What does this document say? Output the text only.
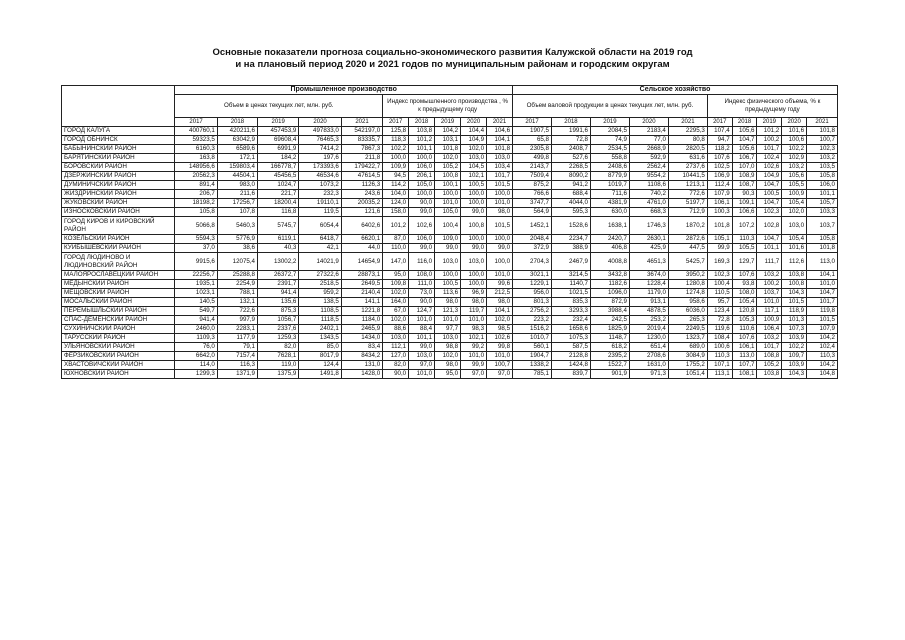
Основные показатели прогноза социально-экономического развития Калужской области на 2019 год
и на плановый период 2020 и 2021 годов по муниципальным районам и городским округам
	Промышленное производство										Сельское хозяйство									
	Объем в ценах текущих лет, млн. руб.					Индекс промышленного производства , % к предыдущему году					Объем валовой продукции в ценах текущих лет, млн. руб.					Индекс физического объема, % к предыдущему году				
	2017	2018	2019	2020	2021	2017	2018	2019	2020	2021	2017	2018	2019	2020	2021	2017	2018	2019	2020	2021
ГОРОД КАЛУГА	400760,1	420211,6	457453,9	497833,0	542197,0	125,8	103,8	104,2	104,4	104,6	1907,5	1991,6	2084,5	2183,4	2295,3	107,4	105,6	101,2	101,6	101,8
ГОРОД ОБНИНСК	59323,5	63042,9	69608,4	76465,3	83335,7	118,3	101,2	103,1	104,9	104,1	65,8	72,8	74,9	77,0	80,8	94,7	104,7	100,2	100,6	100,7
БАБЫНИНСКИЙ РАЙОН	6160,3	6589,6	6991,9	7414,2	7867,3	102,2	101,1	101,8	102,0	101,8	2305,8	2408,7	2534,5	2668,9	2820,5	118,2	105,6	101,7	102,2	102,3
БАРЯТИНСКИЙ РАЙОН	163,8	172,1	184,2	197,6	211,8	100,0	100,0	102,0	103,0	103,0	499,8	527,6	558,8	592,9	631,6	107,6	106,7	102,4	102,9	103,2
БОРОВСКИЙ РАЙОН	148956,6	159803,4	166778,7	173393,6	179422,7	109,9	106,0	105,2	104,5	103,4	2143,7	2268,5	2408,6	2562,4	2737,6	102,5	107,0	102,6	103,2	103,5
ДЗЕРЖИНСКИЙ РАЙОН	20562,3	44504,1	45456,5	46534,6	47614,5	94,5	206,1	100,8	102,1	101,7	7509,4	8090,2	8779,9	9554,2	10441,5	106,9	108,9	104,9	105,6	105,8
ДУМИНИЧСКИЙ РАЙОН	891,4	983,0	1024,7	1073,2	1126,3	114,2	105,0	100,1	100,5	101,5	875,2	941,2	1019,7	1108,6	1213,1	112,4	108,7	104,7	105,5	106,0
ЖИЗДРИНСКИЙ РАЙОН	206,7	211,6	221,7	232,3	243,6	104,0	100,0	100,0	100,0	100,0	766,6	688,4	711,6	740,2	772,6	107,9	90,3	100,5	100,9	101,1
ЖУКОВСКИЙ РАЙОН	18198,2	17256,7	18200,4	19110,1	20035,2	124,0	90,0	101,0	100,0	101,0	3747,7	4044,0	4381,9	4761,0	5197,7	106,1	109,1	104,7	105,4	105,7
ИЗНОСКОВСКИЙ РАЙОН	105,8	107,8	116,8	119,5	121,6	158,0	99,0	105,0	99,0	98,0	564,9	595,3	630,0	668,3	712,9	100,3	106,6	102,3	102,0	103,3
ГОРОД КИРОВ И КИРОВСКИЙ РАЙОН	5066,8	5460,3	5745,7	6054,4	6402,6	101,2	102,6	100,4	100,8	101,5	1452,1	1528,6	1638,1	1746,3	1870,2	101,8	107,2	102,8	103,0	103,7
КОЗЕЛЬСКИЙ РАЙОН	5594,3	5776,9	6119,1	6418,7	6620,1	87,0	106,0	109,0	100,0	100,0	2048,4	2234,7	2420,7	2630,1	2872,6	105,1	110,3	104,7	105,4	105,8
КУЙБЫШЕВСКИЙ РАЙОН	37,0	38,6	40,3	42,1	44,0	110,0	99,0	99,0	99,0	99,0	372,9	388,9	406,8	425,9	447,5	99,9	105,5	101,1	101,6	101,8
ГОРОД ЛЮДИНОВО И ЛЮДИНОВСКИЙ РАЙОН	9915,6	12075,4	13002,2	14021,9	14654,9	147,0	116,0	103,0	103,0	100,0	2704,3	2467,9	4008,8	4651,3	5425,7	169,3	129,7	111,7	112,6	113,0
МАЛОЯРОСЛАВЕЦКИЙ РАЙОН	22256,7	25288,8	26372,7	27322,6	28873,1	95,0	108,0	100,0	100,0	101,0	3021,1	3214,5	3432,8	3674,0	3950,2	102,3	107,6	103,2	103,8	104,1
МЕДЫНСКИЙ РАЙОН	1935,1	2254,9	2391,7	2518,5	2649,5	109,8	111,0	100,5	100,0	99,6	1229,1	1140,7	1182,6	1228,4	1280,8	100,4	93,8	100,2	100,8	101,0
МЕЩОВСКИЙ РАЙОН	1023,1	788,1	941,4	959,2	2140,4	102,0	73,0	113,6	96,9	212,5	956,0	1021,5	1096,0	1179,0	1274,8	110,5	108,0	103,7	104,3	104,7
МОСАЛЬСКИЙ РАЙОН	140,5	132,1	135,6	138,5	141,1	164,0	90,0	98,0	98,0	98,0	801,3	835,3	872,9	913,1	958,6	95,7	105,4	101,0	101,5	101,7
ПЕРЕМЫШЛЬСКИЙ РАЙОН	549,7	722,6	875,3	1108,5	1221,8	67,0	124,7	121,3	119,7	104,1	2756,2	3293,3	3988,4	4878,5	6036,0	123,4	120,8	117,1	118,9	119,8
СПАС-ДЕМЕНСКИЙ РАЙОН	941,4	997,9	1056,7	1118,5	1184,0	102,0	101,0	101,0	101,0	102,0	223,2	232,4	242,5	253,2	265,3	72,8	105,3	100,9	101,3	101,5
СУХИНИЧСКИЙ РАЙОН	2460,0	2283,1	2337,6	2402,1	2465,9	88,6	88,4	97,7	98,3	98,5	1516,2	1658,6	1825,9	2019,4	2249,5	119,6	110,6	106,4	107,3	107,9
ТАРУССКИЙ РАЙОН	1109,3	1177,9	1259,3	1343,5	1434,0	103,0	101,1	103,0	102,1	102,6	1010,7	1075,3	1148,7	1230,0	1323,7	108,4	107,6	103,2	103,9	104,2
УЛЬЯНОВСКИЙ РАЙОН	76,0	79,1	82,0	85,0	83,4	112,1	99,0	98,8	99,2	99,8	560,1	587,5	618,2	651,4	689,0	100,6	106,1	101,7	102,2	102,4
ФЕРЗИКОВСКИЙ РАЙОН	6642,0	7157,4	7628,1	8017,9	8434,2	127,0	103,0	102,0	101,0	101,0	1904,7	2128,8	2395,2	2708,6	3084,9	110,3	113,0	108,8	109,7	110,3
ХВАСТОВИЧСКИЙ РАЙОН	114,0	116,3	119,0	124,4	131,0	82,0	97,0	98,0	99,9	100,7	1338,2	1424,8	1522,7	1631,0	1755,2	107,1	107,7	105,2	103,9	104,2
ЮХНОВСКИЙ РАЙОН	1299,3	1371,9	1375,9	1491,8	1428,0	90,0	101,0	95,0	97,0	97,0	785,1	839,7	901,9	971,3	1051,4	113,1	108,1	103,8	104,3	104,8
